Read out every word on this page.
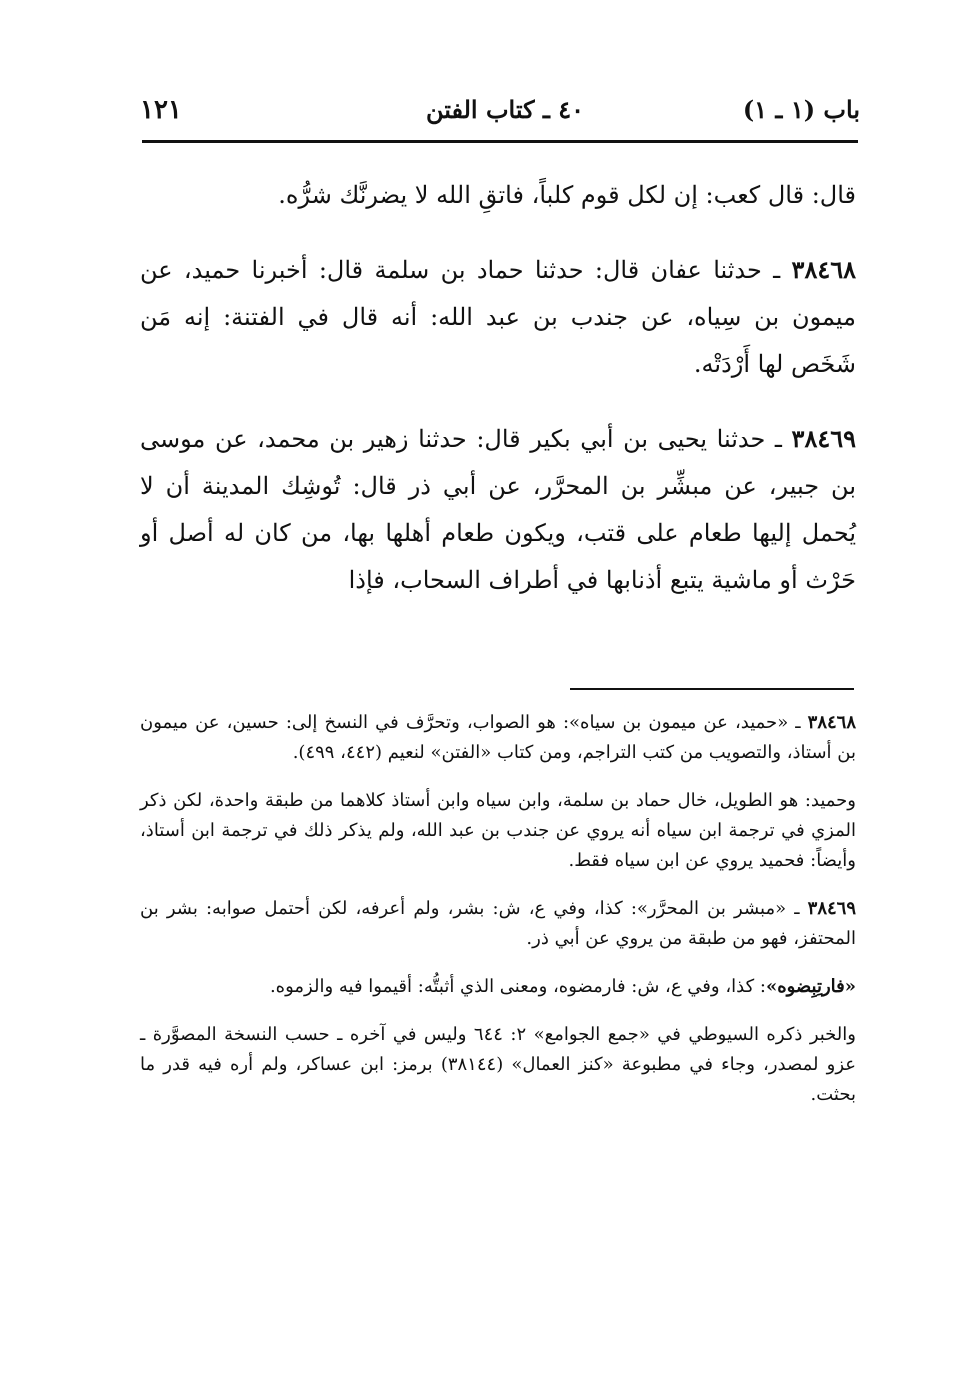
١٢١	٤٠ ـ كتاب الفتن	باب (١ ـ ١)

قال: قال كعب: إن لكل قوم كلباً، فاتقِ الله لا يضرنَّك شرُّه.

٣٨٤٦٨ ـ حدثنا عفان قال: حدثنا حماد بن سلمة قال: أخبرنا حميد، عن ميمون بن سِياه، عن جندب بن عبد الله: أنه قال في الفتنة: إنه مَن شَخَص لها أَرْدَتْه.

٣٨٤٦٩ ـ حدثنا يحيى بن أبي بكير قال: حدثنا زهير بن محمد، عن موسى بن جبير، عن مبشِّر بن المحرَّر، عن أبي ذر قال: تُوشِك المدينة أن لا يُحمل إليها طعام على قتب، ويكون طعام أهلها بها، من كان له أصل أو حَرْث أو ماشية يتبع أذنابها في أطراف السحاب، فإذا

٣٨٤٦٨ ـ «حميد، عن ميمون بن سياه»: هو الصواب، وتحرَّف في النسخ إلى: حسين، عن ميمون بن أستاذ، والتصويب من كتب التراجم، ومن كتاب «الفتن» لنعيم (٤٤٢، ٤٩٩).

وحميد: هو الطويل، خال حماد بن سلمة، وابن سياه وابن أستاذ كلاهما من طبقة واحدة، لكن ذكر المزي في ترجمة ابن سياه أنه يروي عن جندب بن عبد الله، ولم يذكر ذلك في ترجمة ابن أستاذ، وأيضاً: فحميد يروي عن ابن سياه فقط.

٣٨٤٦٩ ـ «مبشر بن المحرَّر»: كذا، وفي ع، ش: بشر، ولم أعرفه، لكن أحتمل صوابه: بشر بن المحتفز، فهو من طبقة من يروي عن أبي ذر.

«فارتِبِضوه»: كذا، وفي ع، ش: فارمضوه، ومعنى الذي أثبتُّه: أقيموا فيه والزموه.

والخبر ذكره السيوطي في «جمع الجوامع» ٢: ٦٤٤ وليس في آخره ـ حسب النسخة المصوَّرة ـ عزو لمصدر، وجاء في مطبوعة «كنز العمال» (٣٨١٤٤) برمز: ابن عساكر، ولم أره فيه قدر ما بحثت.
